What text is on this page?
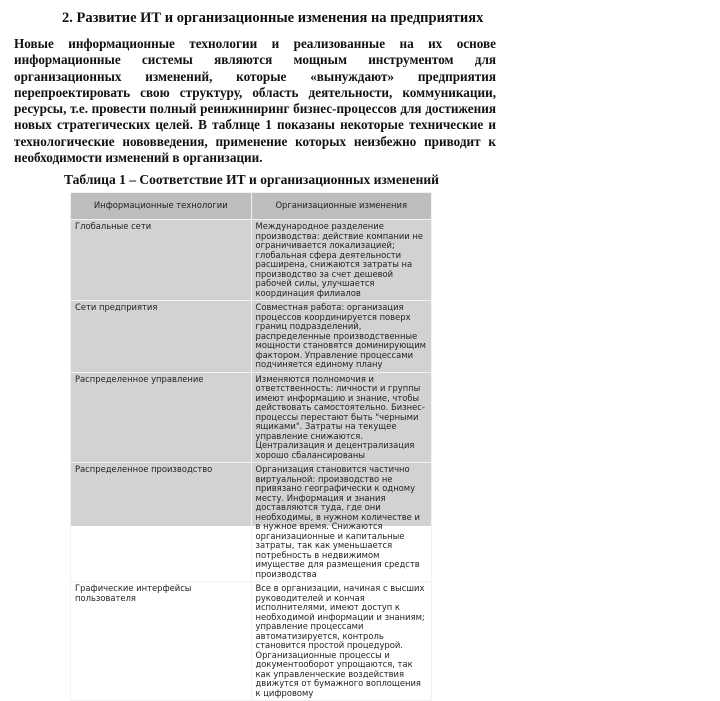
2. Развитие ИТ и организационные изменения на предприятиях

Новые информационные технологии и реализованные на их основе информационные системы являются мощным инструментом для организационных изменений, которые «вынуждают» предприятия перепроектировать свою структуру, область деятельности, коммуникации, ресурсы, т.е. провести полный реинжиниринг бизнес-процессов для достижения новых стратегических целей. В таблице 1 показаны некоторые технические и технологические нововведения, применение которых неизбежно приводит к необходимости изменений в организации.

Таблица 1 – Соответствие ИТ и организационных изменений
Информационные технологии	Организационные изменения
Глобальные сети	Международное разделение производства: действие компании не ограничивается локализацией; глобальная сфера деятельности расширена, снижаются затраты на производство за счет дешевой рабочей силы, улучшается координация филиалов
Сети предприятия	Совместная работа: организация процессов координируется поверх границ подразделений, распределенные производственные мощности становятся доминирующим фактором. Управление процессами подчиняется единому плану
Распределенное управление	Изменяются полномочия и ответственность: личности и группы имеют информацию и знание, чтобы действовать самостоятельно. Бизнес-процессы перестают быть "черными ящиками". Затраты на текущее управление снижаются. Централизация и децентрализация хорошо сбалансированы
Распределенное производство	Организация становится частично виртуальной: производство не привязано географически к одному месту. Информация и знания доставляются туда, где они необходимы, в нужном количестве и в нужное время. Снижаются организационные и капитальные затраты, так как уменьшается потребность в недвижимом имуществе для размещения средств производства
Графические интерфейсы пользователя	Все в организации, начиная с высших руководителей и кончая исполнителями, имеют доступ к необходимой информации и знаниям; управление процессами автоматизируется, контроль становится простой процедурой. Организационные процессы и документооборот упрощаются, так как управленческие воздействия движутся от бумажного воплощения к цифровому
